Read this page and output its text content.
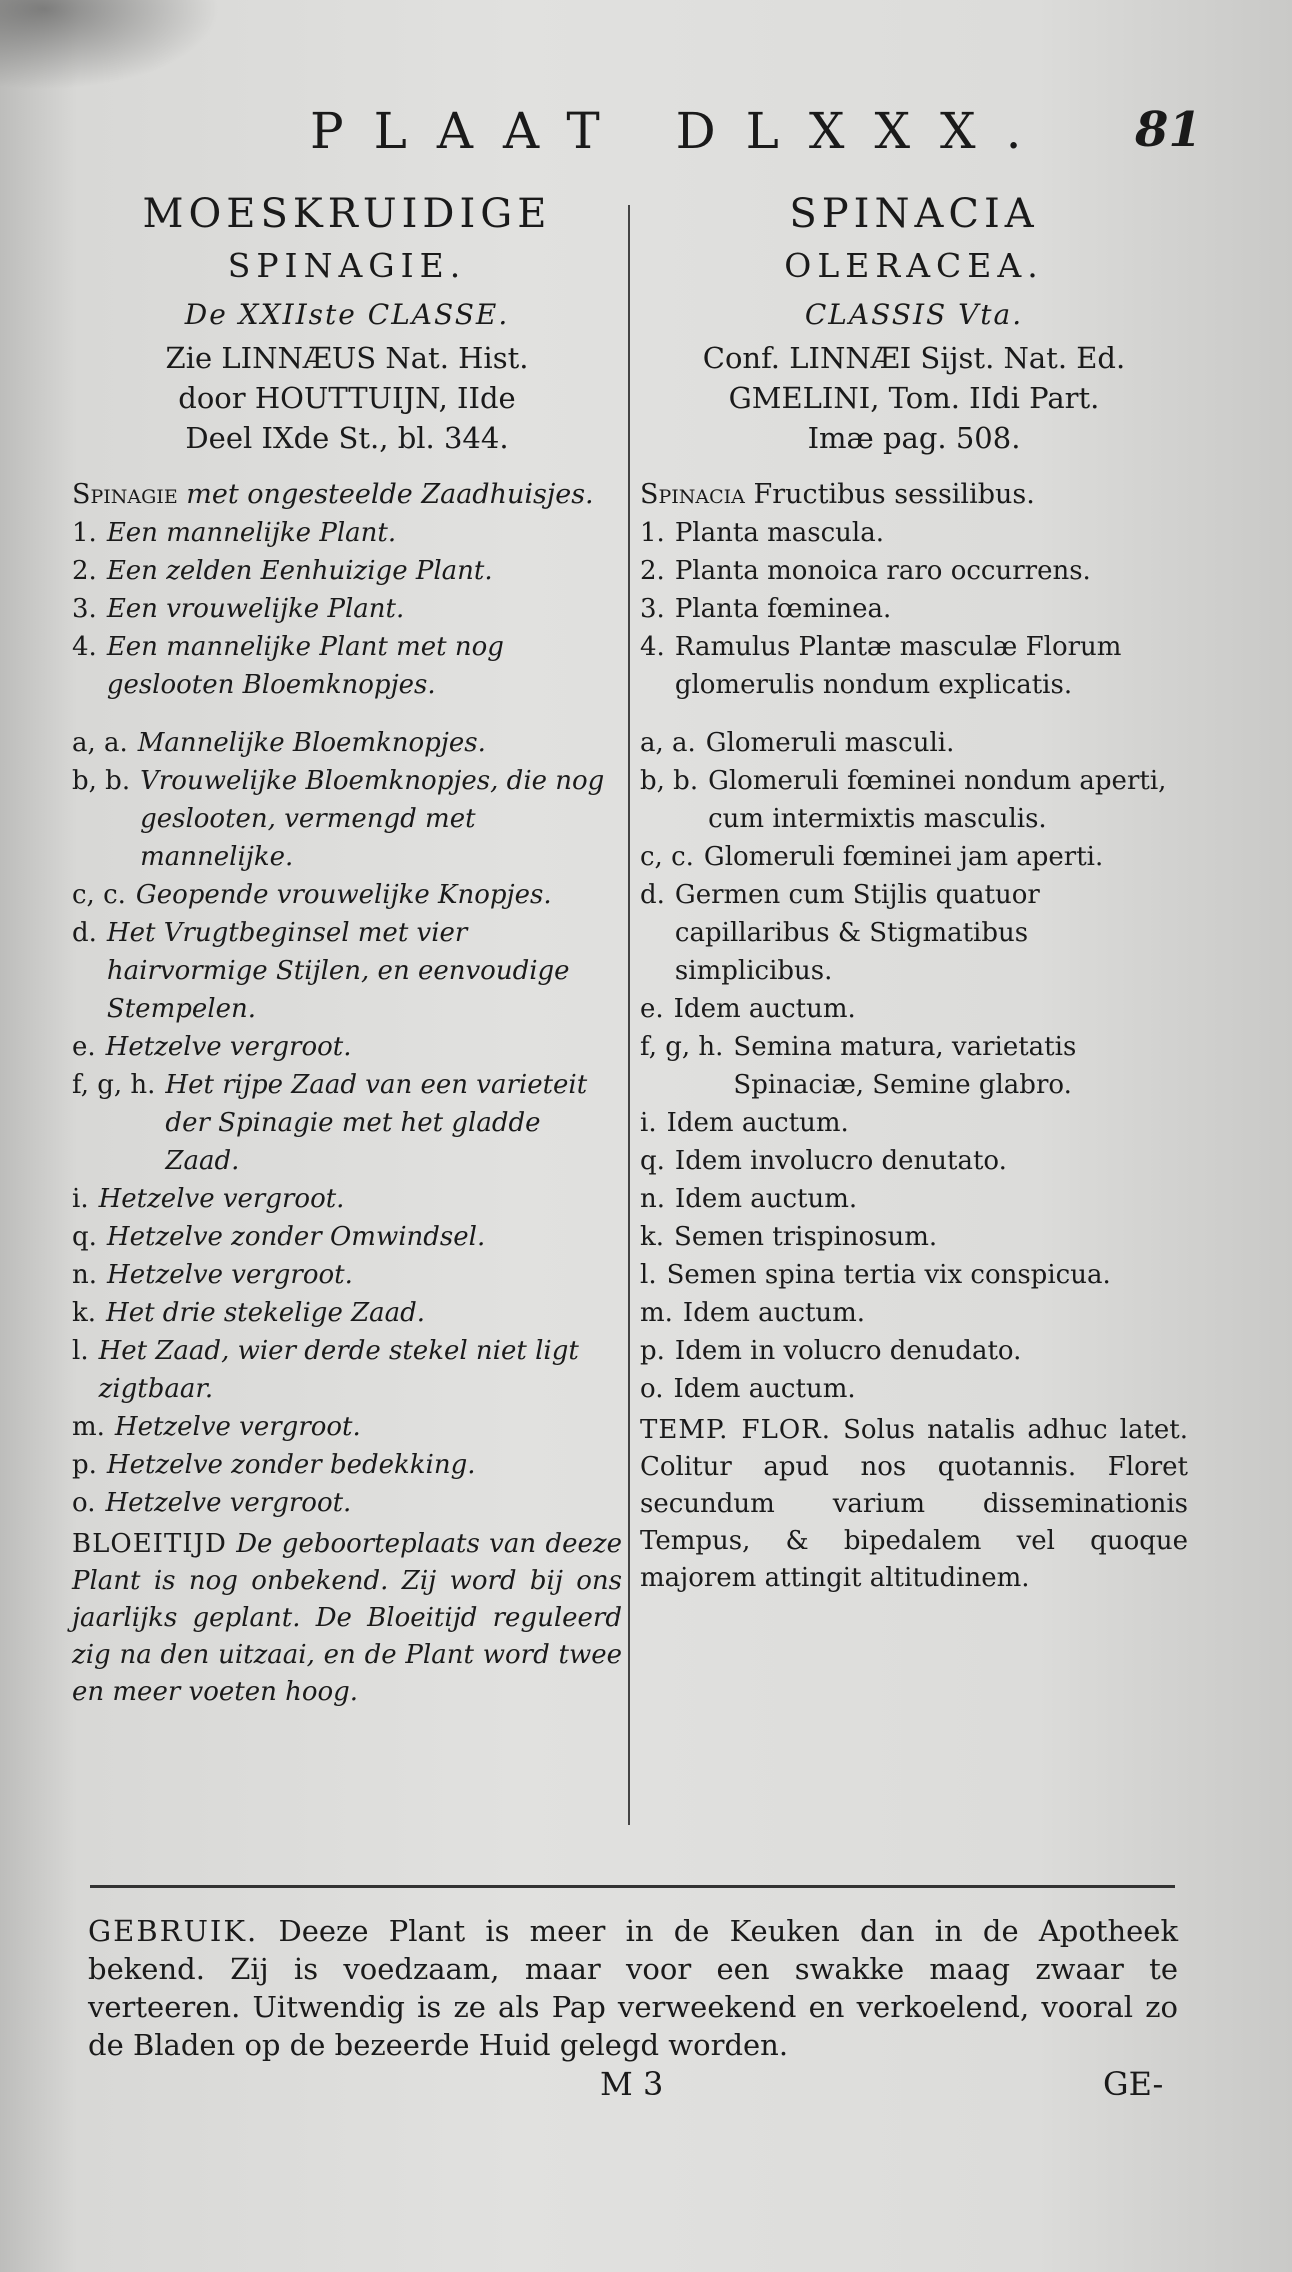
PLAAT DLXXX. 81
MOESKRUIDIGE
SPINAGIE.
De XXIIste CLASSE.
Zie LINNÆUS Nat. Hist.
door HOUTTUIJN, IIde
Deel IXde St., bl. 344.
Spinagie met ongesteelde Zaadhuisjes.
1. Een mannelijke Plant.
2. Een zelden Eenhuizige Plant.
3. Een vrouwelijke Plant.
4. Een mannelijke Plant met nog geslooten Bloemknopjes.
a, a. Mannelijke Bloemknopjes.
b, b. Vrouwelijke Bloemknopjes, die nog geslooten, vermengd met mannelijke.
c, c. Geopende vrouwelijke Knopjes.
d. Het Vrugtbeginsel met vier hairvormige Stijlen, en eenvoudige Stempelen.
e. Hetzelve vergroot.
f, g, h. Het rijpe Zaad van een varieteit der Spinagie met het gladde Zaad.
i. Hetzelve vergroot.
q. Hetzelve zonder Omwindsel.
n. Hetzelve vergroot.
k. Het drie stekelige Zaad.
l. Het Zaad, wier derde stekel niet ligt zigtbaar.
m. Hetzelve vergroot.
p. Hetzelve zonder bedekking.
o. Hetzelve vergroot.
BLOEITIJD De geboorteplaats van deeze Plant is nog onbekend. Zij word bij ons jaarlijks geplant. De Bloeitijd reguleerd zig na den uitzaai, en de Plant word twee en meer voeten hoog.
SPINACIA
OLERACEA.
CLASSIS Vta.
Conf. LINNÆI Sijst. Nat. Ed.
GMELINI, Tom. IIdi Part.
Imæ pag. 508.
Spinacia Fructibus sessilibus.
1. Planta mascula.
2. Planta monoica raro occurrens.
3. Planta fœminea.
4. Ramulus Plantæ masculæ Florum glomerulis nondum explicatis.
a, a. Glomeruli masculi.
b, b. Glomeruli fœminei nondum aperti, cum intermixtis masculis.
c, c. Glomeruli fœminei jam aperti.
d. Germen cum Stijlis quatuor capillaribus & Stigmatibus simplicibus.
e. Idem auctum.
f, g, h. Semina matura, varietatis Spinaciæ, Semine glabro.
i. Idem auctum.
q. Idem involucro denutato.
n. Idem auctum.
k. Semen trispinosum.
l. Semen spina tertia vix conspicua.
m. Idem auctum.
p. Idem in volucro denudato.
o. Idem auctum.
TEMP. FLOR. Solus natalis adhuc latet. Colitur apud nos quotannis. Floret secundum varium disseminationis Tempus, & bipedalem vel quoque majorem attingit altitudinem.
GEBRUIK. Deeze Plant is meer in de Keuken dan in de Apotheek bekend. Zij is voedzaam, maar voor een swakke maag zwaar te verteeren. Uitwendig is ze als Pap verweekend en verkoelend, vooral zo de Bladen op de bezeerde Huid gelegd worden.
M 3	GE-
